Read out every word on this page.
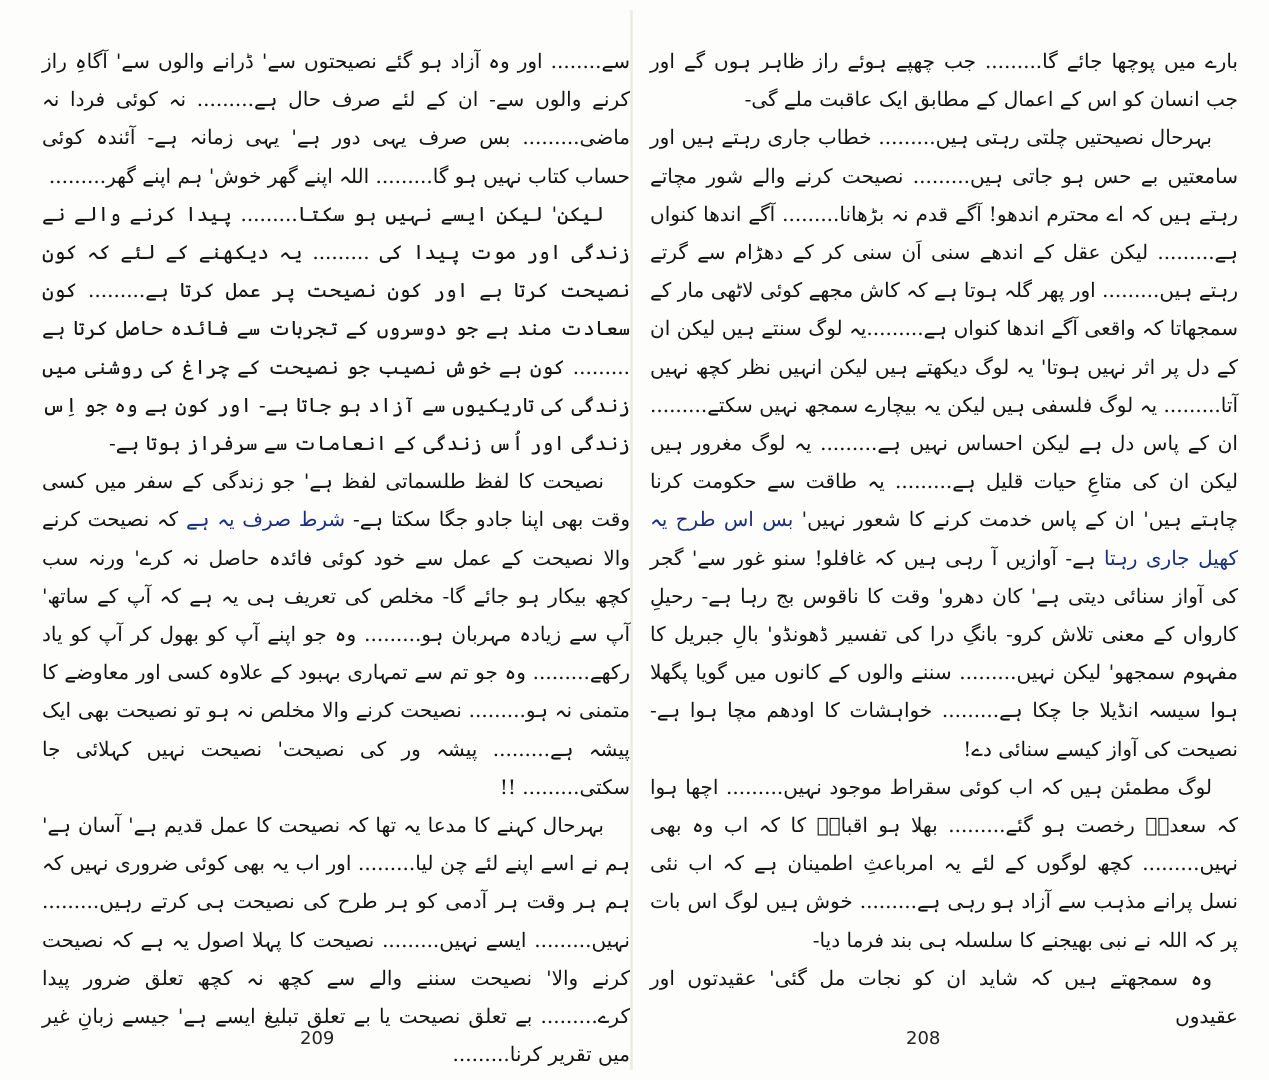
سے........ اور وہ آزاد ہو گئے نصیحتوں سے' ڈرانے والوں سے' آگاہِ راز کرنے والوں سے- ان کے لئے صرف حال ہے......... نہ کوئی فردا نہ ماضی......... بس صرف یہی دور ہے' یہی زمانہ ہے- آئندہ کوئی حساب کتاب نہیں ہو گا......... اللہ اپنے گھر خوش' ہم اپنے گھر.........

لیکن' لیکن ایسے نہیں ہو سکتا......... پیدا کرنے والے نے زندگی اور موت پیدا کی ......... یہ دیکھنے کے لئے کہ کون نصیحت کرتا ہے اور کون نصیحت پر عمل کرتا ہے......... کون سعادت مند ہے جو دوسروں کے تجربات سے فائدہ حاصل کرتا ہے ......... کون ہے خوش نصیب جو نصیحت کے چراغ کی روشنی میں زندگی کی تاریکیوں سے آزاد ہو جاتا ہے- اور کون ہے وہ جو اِس زندگی اور اُس زندگی کے انعامات سے سرفراز ہوتا ہے-

نصیحت کا لفظ طلسماتی لفظ ہے' جو زندگی کے سفر میں کسی وقت بھی اپنا جادو جگا سکتا ہے- شرط صرف یہ ہے کہ نصیحت کرنے والا نصیحت کے عمل سے خود کوئی فائدہ حاصل نہ کرے' ورنہ سب کچھ بیکار ہو جائے گا- مخلص کی تعریف ہی یہ ہے کہ آپ کے ساتھ' آپ سے زیادہ مہربان ہو......... وہ جو اپنے آپ کو بھول کر آپ کو یاد رکھے......... وہ جو تم سے تمہاری بہبود کے علاوہ کسی اور معاوضے کا متمنی نہ ہو......... نصیحت کرنے والا مخلص نہ ہو تو نصیحت بھی ایک پیشہ ہے......... پیشہ ور کی نصیحت' نصیحت نہیں کہلائی جا سکتی......... !!

بہرحال کہنے کا مدعا یہ تھا کہ نصیحت کا عمل قدیم ہے' آسان ہے' ہم نے اسے اپنے لئے چن لیا......... اور اب یہ بھی کوئی ضروری نہیں کہ ہم ہر وقت ہر آدمی کو ہر طرح کی نصیحت ہی کرتے رہیں......... نہیں......... ایسے نہیں......... نصیحت کا پہلا اصول یہ ہے کہ نصیحت کرنے والا' نصیحت سننے والے سے کچھ نہ کچھ تعلق ضرور پیدا کرے......... بے تعلق نصیحت یا بے تعلق تبلیغ ایسے ہے' جیسے زبانِ غیر میں تقریر کرنا.........

209

بارے میں پوچھا جائے گا......... جب چھپے ہوئے راز ظاہر ہوں گے اور جب انسان کو اس کے اعمال کے مطابق ایک عاقبت ملے گی-

بہرحال نصیحتیں چلتی رہتی ہیں......... خطاب جاری رہتے ہیں اور سامعتیں بے حس ہو جاتی ہیں......... نصیحت کرنے والے شور مچاتے رہتے ہیں کہ اے محترم اندھو! آگے قدم نہ بڑھانا......... آگے اندھا کنواں ہے......... لیکن عقل کے اندھے سنی اَن سنی کر کے دھڑام سے گرتے رہتے ہیں......... اور پھر گلہ ہوتا ہے کہ کاش مجھے کوئی لاٹھی مار کے سمجھاتا کہ واقعی آگے اندھا کنواں ہے.........یہ لوگ سنتے ہیں لیکن ان کے دل پر اثر نہیں ہوتا' یہ لوگ دیکھتے ہیں لیکن انہیں نظر کچھ نہیں آتا......... یہ لوگ فلسفی ہیں لیکن یہ بیچارے سمجھ نہیں سکتے......... ان کے پاس دل ہے لیکن احساس نہیں ہے......... یہ لوگ مغرور ہیں لیکن ان کی متاعِ حیات قلیل ہے......... یہ طاقت سے حکومت کرنا چاہتے ہیں' ان کے پاس خدمت کرنے کا شعور نہیں' بس اس طرح یہ کھیل جاری رہتا ہے- آوازیں آ رہی ہیں کہ غافلو! سنو غور سے' گجر کی آواز سنائی دیتی ہے' کان دھرو' وقت کا ناقوس بج رہا ہے- رحیلِ کارواں کے معنی تلاش کرو- بانگِ درا کی تفسیر ڈھونڈو' بالِ جبریل کا مفہوم سمجھو' لیکن نہیں......... سننے والوں کے کانوں میں گویا پگھلا ہوا سیسہ انڈیلا جا چکا ہے......... خواہشات کا اودھم مچا ہوا ہے- نصیحت کی آواز کیسے سنائی دے!

لوگ مطمئن ہیں کہ اب کوئی سقراط موجود نہیں......... اچھا ہوا کہ سعدیؒ رخصت ہو گئے......... بھلا ہو اقبالؒ کا کہ اب وہ بھی نہیں......... کچھ لوگوں کے لئے یہ امرباعثِ اطمینان ہے کہ اب نئی نسل پرانے مذہب سے آزاد ہو رہی ہے......... خوش ہیں لوگ اس بات پر کہ اللہ نے نبی بھیجنے کا سلسلہ ہی بند فرما دیا-

وہ سمجھتے ہیں کہ شاید ان کو نجات مل گئی' عقیدتوں اور عقیدوں

208
